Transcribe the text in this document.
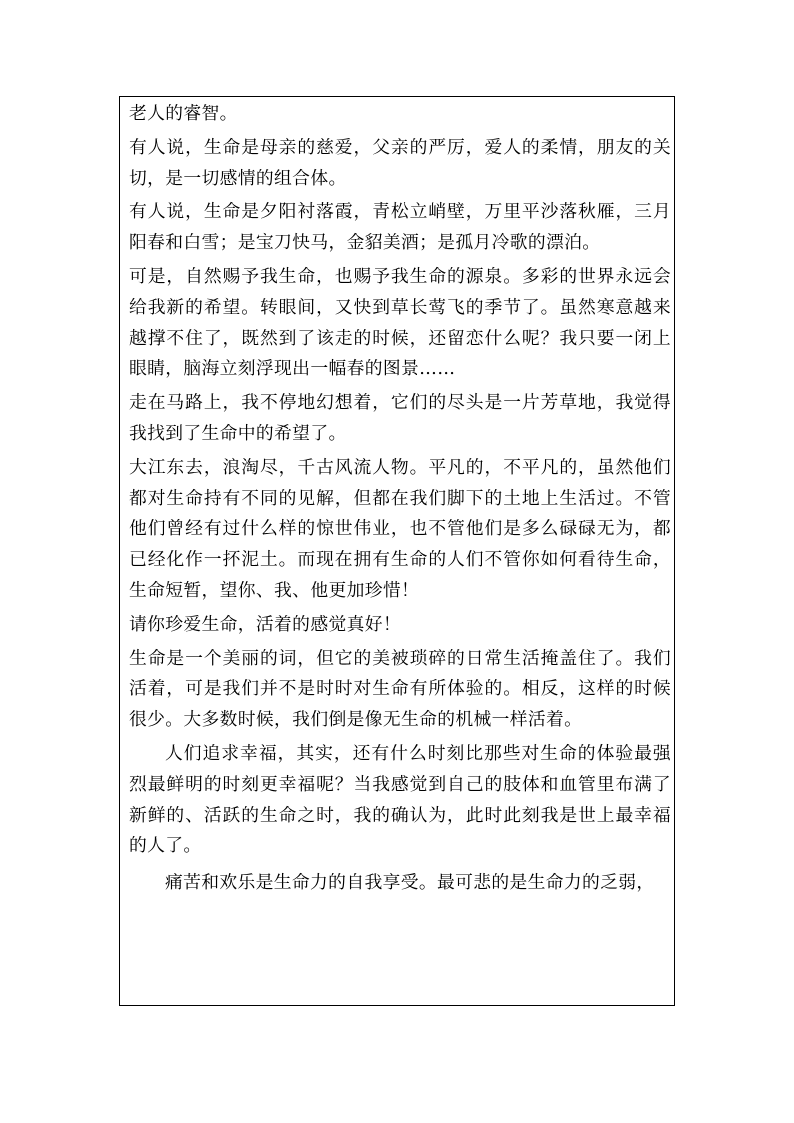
老人的睿智。

有人说，生命是母亲的慈爱，父亲的严厉，爱人的柔情，朋友的关切，是一切感情的组合体。

有人说，生命是夕阳衬落霞，青松立峭壁，万里平沙落秋雁，三月阳春和白雪；是宝刀快马，金貂美酒；是孤月冷歌的漂泊。

可是，自然赐予我生命，也赐予我生命的源泉。多彩的世界永远会给我新的希望。转眼间，又快到草长莺飞的季节了。虽然寒意越来越撑不住了，既然到了该走的时候，还留恋什么呢？我只要一闭上眼睛，脑海立刻浮现出一幅春的图景……

走在马路上，我不停地幻想着，它们的尽头是一片芳草地，我觉得我找到了生命中的希望了。

大江东去，浪淘尽，千古风流人物。平凡的，不平凡的，虽然他们都对生命持有不同的见解，但都在我们脚下的土地上生活过。不管他们曾经有过什么样的惊世伟业，也不管他们是多么碌碌无为，都已经化作一抔泥土。而现在拥有生命的人们不管你如何看待生命，生命短暂，望你、我、他更加珍惜！

请你珍爱生命，活着的感觉真好！

生命是一个美丽的词，但它的美被琐碎的日常生活掩盖住了。我们活着，可是我们并不是时时对生命有所体验的。相反，这样的时候很少。大多数时候，我们倒是像无生命的机械一样活着。

人们追求幸福，其实，还有什么时刻比那些对生命的体验最强烈最鲜明的时刻更幸福呢？当我感觉到自己的肢体和血管里布满了新鲜的、活跃的生命之时，我的确认为，此时此刻我是世上最幸福的人了。

痛苦和欢乐是生命力的自我享受。最可悲的是生命力的乏弱，
